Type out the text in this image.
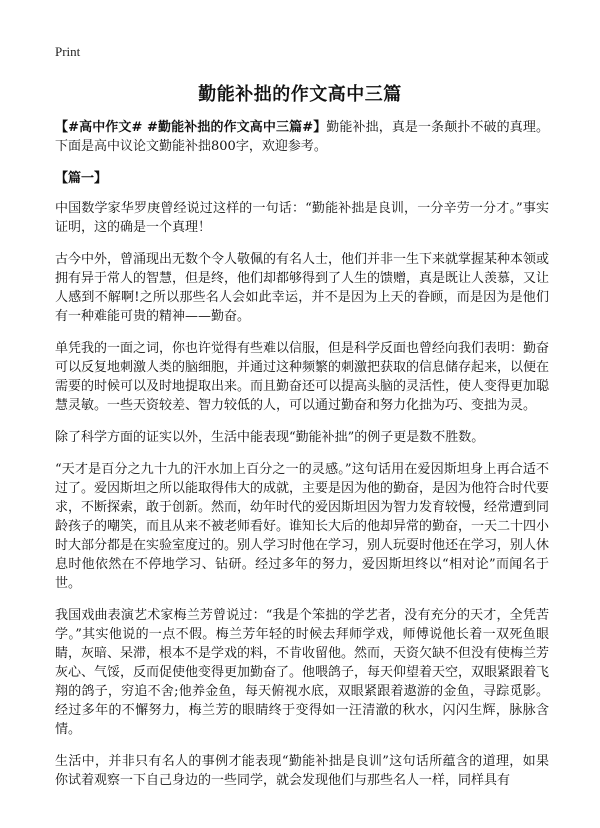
Print
勤能补拙的作文高中三篇

【#高中作文# #勤能补拙的作文高中三篇#】勤能补拙，真是一条颠扑不破的真理。下面是高中议论文勤能补拙800字，欢迎参考。

【篇一】

中国数学家华罗庚曾经说过这样的一句话：“勤能补拙是良训，一分辛劳一分才。”事实证明，这的确是一个真理！

古今中外，曾涌现出无数个令人敬佩的有名人士，他们并非一生下来就掌握某种本领或拥有异于常人的智慧，但是终，他们却都够得到了人生的馈赠，真是既让人羡慕，又让人感到不解啊!之所以那些名人会如此幸运，并不是因为上天的眷顾，而是因为是他们有一种难能可贵的精神——勤奋。

单凭我的一面之词，你也许觉得有些难以信服，但是科学反面也曾经向我们表明：勤奋可以反复地刺激人类的脑细胞，并通过这种频繁的刺激把获取的信息储存起来，以便在需要的时候可以及时地提取出来。而且勤奋还可以提高头脑的灵活性，使人变得更加聪慧灵敏。一些天资较差、智力较低的人，可以通过勤奋和努力化拙为巧、变拙为灵。

除了科学方面的证实以外，生活中能表现“勤能补拙”的例子更是数不胜数。

“天才是百分之九十九的汗水加上百分之一的灵感。”这句话用在爱因斯坦身上再合适不过了。爱因斯坦之所以能取得伟大的成就，主要是因为他的勤奋，是因为他符合时代要求，不断探索，敢于创新。然而，幼年时代的爱因斯坦因为智力发育较慢，经常遭到同龄孩子的嘲笑，而且从来不被老师看好。谁知长大后的他却异常的勤奋，一天二十四小时大部分都是在实验室度过的。别人学习时他在学习，别人玩耍时他还在学习，别人休息时他依然在不停地学习、钻研。经过多年的努力，爱因斯坦终以“相对论”而闻名于世。

我国戏曲表演艺术家梅兰芳曾说过：“我是个笨拙的学艺者，没有充分的天才，全凭苦学。”其实他说的一点不假。梅兰芳年轻的时候去拜师学戏，师傅说他长着一双死鱼眼睛，灰暗、呆滞，根本不是学戏的料，不肯收留他。然而，天资欠缺不但没有使梅兰芳灰心、气馁，反而促使他变得更加勤奋了。他喂鸽子，每天仰望着天空，双眼紧跟着飞翔的鸽子，穷追不舍;他养金鱼，每天俯视水底，双眼紧跟着遨游的金鱼，寻踪觅影。经过多年的不懈努力，梅兰芳的眼睛终于变得如一汪清澈的秋水，闪闪生辉，脉脉含情。

生活中，并非只有名人的事例才能表现“勤能补拙是良训”这句话所蕴含的道理，如果你试着观察一下自己身边的一些同学，就会发现他们与那些名人一样，同样具有
